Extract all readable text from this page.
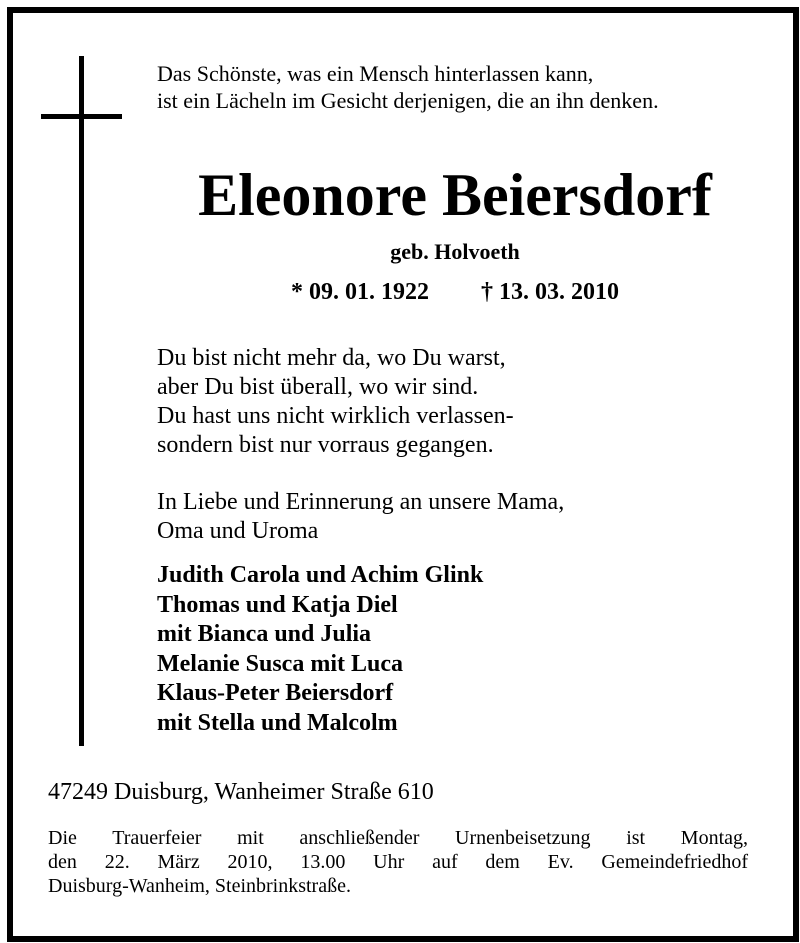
Das Schönste, was ein Mensch hinterlassen kann,
ist ein Lächeln im Gesicht derjenigen, die an ihn denken.
Eleonore Beiersdorf
geb. Holvoeth
* 09. 01. 1922 † 13. 03. 2010
Du bist nicht mehr da, wo Du warst,
aber Du bist überall, wo wir sind.
Du hast uns nicht wirklich verlassen-
sondern bist nur vorraus gegangen.
In Liebe und Erinnerung an unsere Mama,
Oma und Uroma
Judith Carola und Achim Glink
Thomas und Katja Diel
mit Bianca und Julia
Melanie Susca mit Luca
Klaus-Peter Beiersdorf
mit Stella und Malcolm
47249 Duisburg, Wanheimer Straße 610
Die Trauerfeier mit anschließender Urnenbeisetzung ist Montag,
den 22. März 2010, 13.00 Uhr auf dem Ev. Gemeindefriedhof
Duisburg-Wanheim, Steinbrinkstraße.
